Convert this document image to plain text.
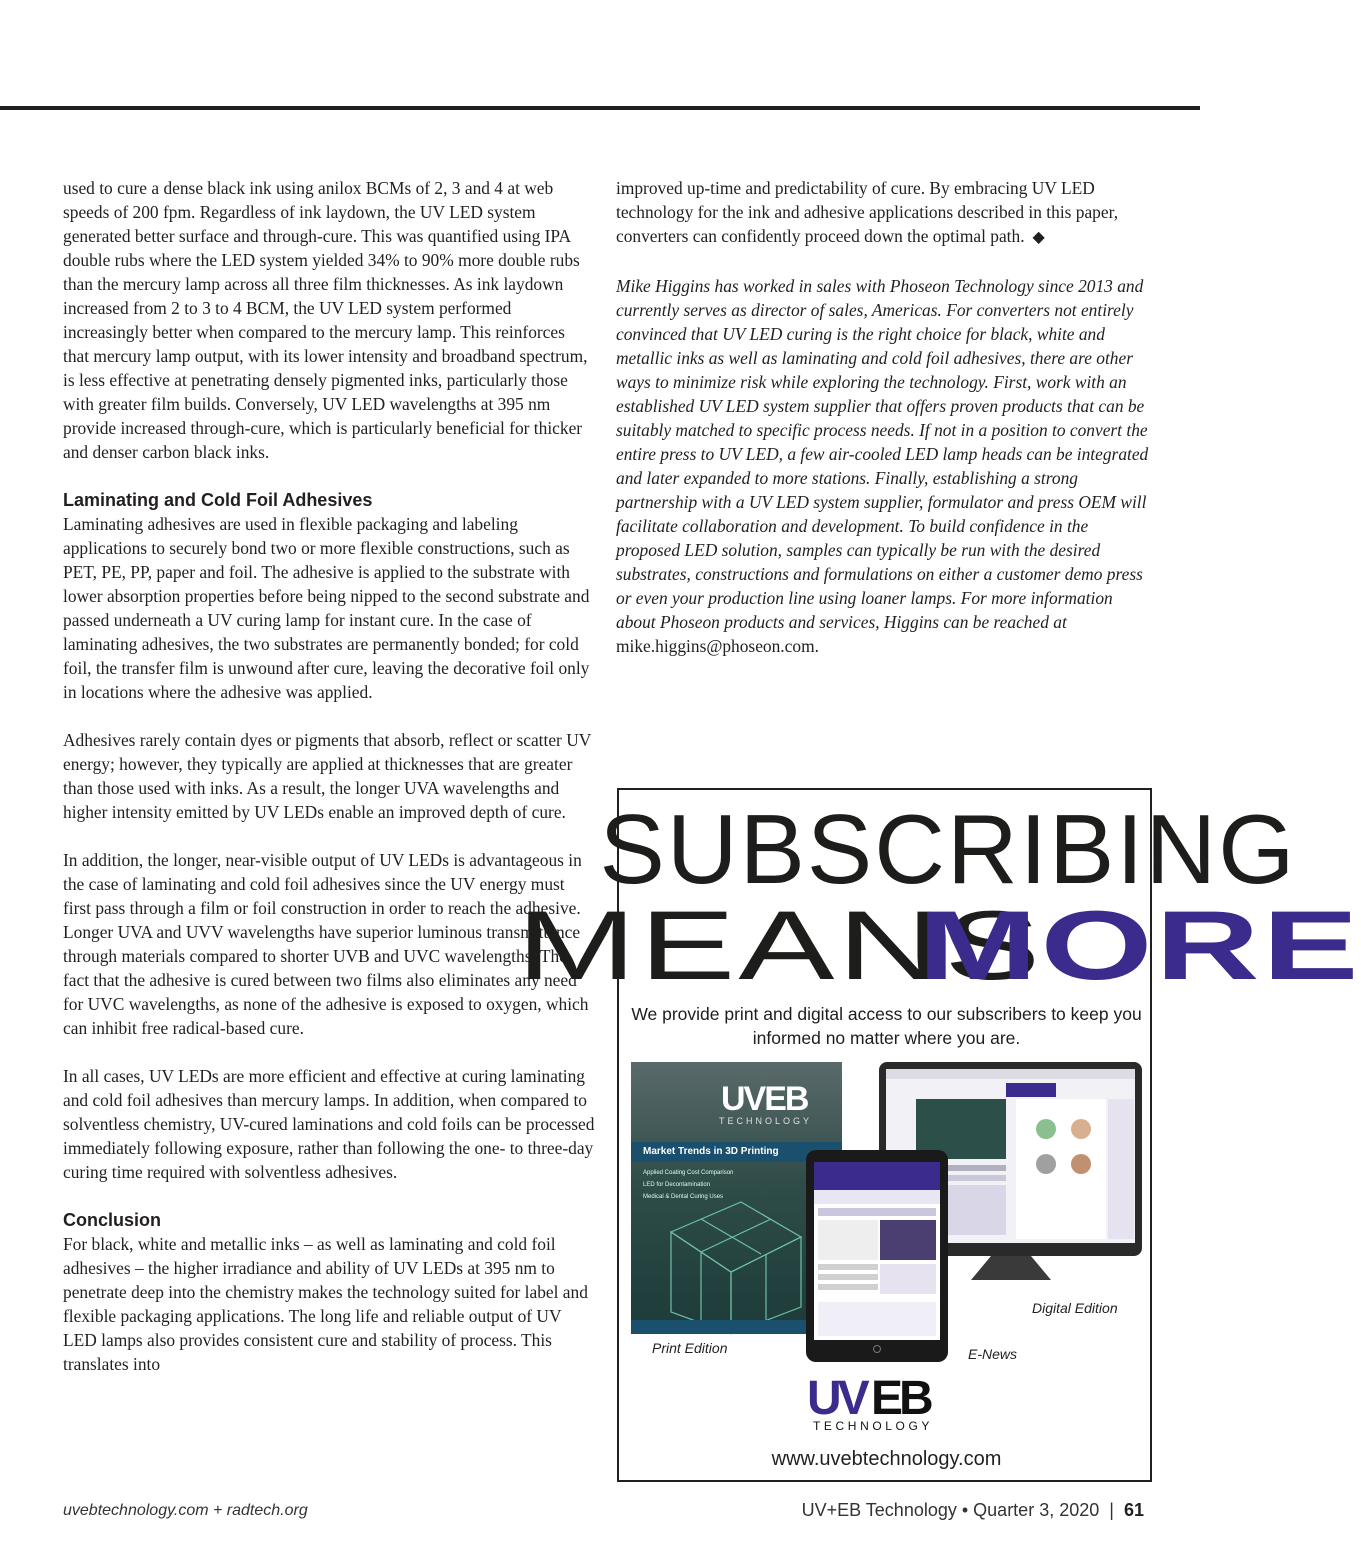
used to cure a dense black ink using anilox BCMs of 2, 3 and 4 at web speeds of 200 fpm. Regardless of ink laydown, the UV LED system generated better surface and through-cure. This was quantified using IPA double rubs where the LED system yielded 34% to 90% more double rubs than the mercury lamp across all three film thicknesses. As ink laydown increased from 2 to 3 to 4 BCM, the UV LED system performed increasingly better when compared to the mercury lamp. This reinforces that mercury lamp output, with its lower intensity and broadband spectrum, is less effective at penetrating densely pigmented inks, particularly those with greater film builds. Conversely, UV LED wavelengths at 395 nm provide increased through-cure, which is particularly beneficial for thicker and denser carbon black inks.

Laminating and Cold Foil Adhesives

Laminating adhesives are used in flexible packaging and labeling applications to securely bond two or more flexible constructions, such as PET, PE, PP, paper and foil. The adhesive is applied to the substrate with lower absorption properties before being nipped to the second substrate and passed underneath a UV curing lamp for instant cure. In the case of laminating adhesives, the two substrates are permanently bonded; for cold foil, the transfer film is unwound after cure, leaving the decorative foil only in locations where the adhesive was applied.

Adhesives rarely contain dyes or pigments that absorb, reflect or scatter UV energy; however, they typically are applied at thicknesses that are greater than those used with inks. As a result, the longer UVA wavelengths and higher intensity emitted by UV LEDs enable an improved depth of cure.

In addition, the longer, near-visible output of UV LEDs is advantageous in the case of laminating and cold foil adhesives since the UV energy must first pass through a film or foil construction in order to reach the adhesive. Longer UVA and UVV wavelengths have superior luminous transmittance through materials compared to shorter UVB and UVC wavelengths. The fact that the adhesive is cured between two films also eliminates any need for UVC wavelengths, as none of the adhesive is exposed to oxygen, which can inhibit free radical-based cure.

In all cases, UV LEDs are more efficient and effective at curing laminating and cold foil adhesives than mercury lamps. In addition, when compared to solventless chemistry, UV-cured laminations and cold foils can be processed immediately following exposure, rather than following the one- to three-day curing time required with solventless adhesives.

Conclusion

For black, white and metallic inks – as well as laminating and cold foil adhesives – the higher irradiance and ability of UV LEDs at 395 nm to penetrate deep into the chemistry makes the technology suited for label and flexible packaging applications. The long life and reliable output of UV LED lamps also provides consistent cure and stability of process. This translates into

improved up-time and predictability of cure. By embracing UV LED technology for the ink and adhesive applications described in this paper, converters can confidently proceed down the optimal path. ◆

Mike Higgins has worked in sales with Phoseon Technology since 2013 and currently serves as director of sales, Americas. For converters not entirely convinced that UV LED curing is the right choice for black, white and metallic inks as well as laminating and cold foil adhesives, there are other ways to minimize risk while exploring the technology. First, work with an established UV LED system supplier that offers proven products that can be suitably matched to specific process needs. If not in a position to convert the entire press to UV LED, a few air-cooled LED lamp heads can be integrated and later expanded to more stations. Finally, establishing a strong partnership with a UV LED system supplier, formulator and press OEM will facilitate collaboration and development. To build confidence in the proposed LED solution, samples can typically be run with the desired substrates, constructions and formulations on either a customer demo press or even your production line using loaner lamps. For more information about Phoseon products and services, Higgins can be reached at mike.higgins@phoseon.com.

SUBSCRIBING
MEANS MORE
We provide print and digital access to our subscribers to keep you informed no matter where you are.
UVEB
TECHNOLOGY
Market Trends in 3D Printing
Applied Coating Cost Comparison
LED for Decontamination
Medical & Dental Curing Uses
Print Edition	E-News
Digital Edition
UV EB
TECHNOLOGY
www.uvebtechnology.com
uvebtechnology.com + radtech.org	UV+EB Technology • Quarter 3, 2020 | 61
